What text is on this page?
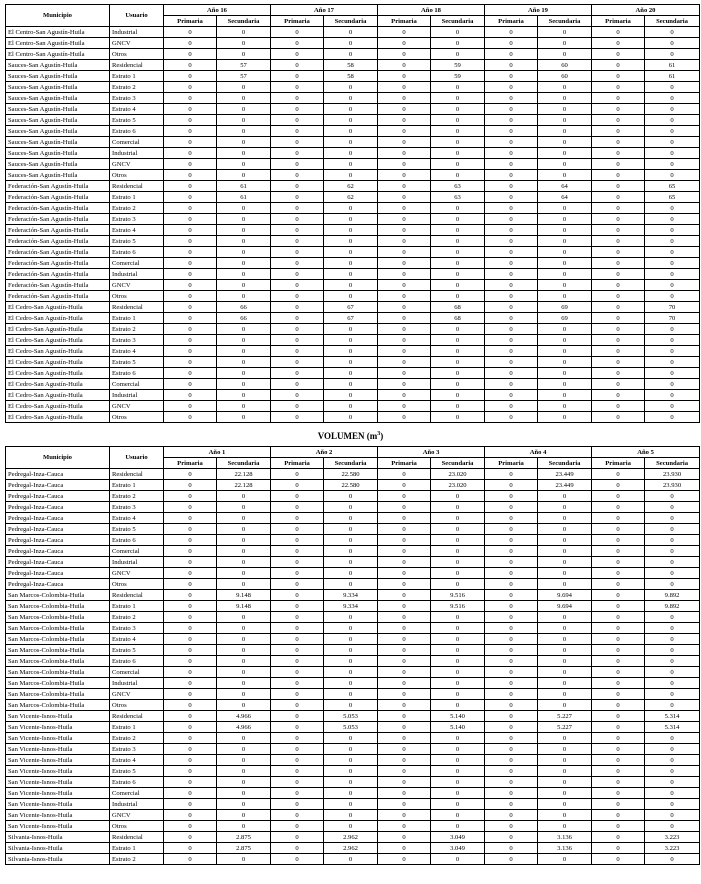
Municipio	Usuario	Año 16		Año 17		Año 18		Año 19		Año 20	
		Primaria	Secundaria	Primaria	Secundaria	Primaria	Secundaria	Primaria	Secundaria	Primaria	Secundaria
El Centro-San Agustín-Huila	Industrial	0	0	0	0	0	0	0	0	0	0
El Centro-San Agustín-Huila	GNCV	0	0	0	0	0	0	0	0	0	0
El Centro-San Agustín-Huila	Otros	0	0	0	0	0	0	0	0	0	0
Sauces-San Agustín-Huila	Residencial	0	57	0	58	0	59	0	60	0	61
Sauces-San Agustín-Huila	Estrato 1	0	57	0	58	0	59	0	60	0	61
Sauces-San Agustín-Huila	Estrato 2	0	0	0	0	0	0	0	0	0	0
Sauces-San Agustín-Huila	Estrato 3	0	0	0	0	0	0	0	0	0	0
Sauces-San Agustín-Huila	Estrato 4	0	0	0	0	0	0	0	0	0	0
Sauces-San Agustín-Huila	Estrato 5	0	0	0	0	0	0	0	0	0	0
Sauces-San Agustín-Huila	Estrato 6	0	0	0	0	0	0	0	0	0	0
Sauces-San Agustín-Huila	Comercial	0	0	0	0	0	0	0	0	0	0
Sauces-San Agustín-Huila	Industrial	0	0	0	0	0	0	0	0	0	0
Sauces-San Agustín-Huila	GNCV	0	0	0	0	0	0	0	0	0	0
Sauces-San Agustín-Huila	Otros	0	0	0	0	0	0	0	0	0	0
Federación-San Agustín-Huila	Residencial	0	61	0	62	0	63	0	64	0	65
Federación-San Agustín-Huila	Estrato 1	0	61	0	62	0	63	0	64	0	65
Federación-San Agustín-Huila	Estrato 2	0	0	0	0	0	0	0	0	0	0
Federación-San Agustín-Huila	Estrato 3	0	0	0	0	0	0	0	0	0	0
Federación-San Agustín-Huila	Estrato 4	0	0	0	0	0	0	0	0	0	0
Federación-San Agustín-Huila	Estrato 5	0	0	0	0	0	0	0	0	0	0
Federación-San Agustín-Huila	Estrato 6	0	0	0	0	0	0	0	0	0	0
Federación-San Agustín-Huila	Comercial	0	0	0	0	0	0	0	0	0	0
Federación-San Agustín-Huila	Industrial	0	0	0	0	0	0	0	0	0	0
Federación-San Agustín-Huila	GNCV	0	0	0	0	0	0	0	0	0	0
Federación-San Agustín-Huila	Otros	0	0	0	0	0	0	0	0	0	0
El Cedro-San Agustín-Huila	Residencial	0	66	0	67	0	68	0	69	0	70
El Cedro-San Agustín-Huila	Estrato 1	0	66	0	67	0	68	0	69	0	70
El Cedro-San Agustín-Huila	Estrato 2	0	0	0	0	0	0	0	0	0	0
El Cedro-San Agustín-Huila	Estrato 3	0	0	0	0	0	0	0	0	0	0
El Cedro-San Agustín-Huila	Estrato 4	0	0	0	0	0	0	0	0	0	0
El Cedro-San Agustín-Huila	Estrato 5	0	0	0	0	0	0	0	0	0	0
El Cedro-San Agustín-Huila	Estrato 6	0	0	0	0	0	0	0	0	0	0
El Cedro-San Agustín-Huila	Comercial	0	0	0	0	0	0	0	0	0	0
El Cedro-San Agustín-Huila	Industrial	0	0	0	0	0	0	0	0	0	0
El Cedro-San Agustín-Huila	GNCV	0	0	0	0	0	0	0	0	0	0
El Cedro-San Agustín-Huila	Otros	0	0	0	0	0	0	0	0	0	0
VOLUMEN $(m^3)$
Municipio	Usuario	Año 1		Año 2		Año 3		Año 4		Año 5	
		Primaria	Secundaria	Primaria	Secundaria	Primaria	Secundaria	Primaria	Secundaria	Primaria	Secundaria
Pedregal-Inza-Cauca	Residencial	0	22.128	0	22.580	0	23.020	0	23.449	0	23.930
Pedregal-Inza-Cauca	Estrato 1	0	22.128	0	22.580	0	23.020	0	23.449	0	23.930
Pedregal-Inza-Cauca	Estrato 2	0	0	0	0	0	0	0	0	0	0
Pedregal-Inza-Cauca	Estrato 3	0	0	0	0	0	0	0	0	0	0
Pedregal-Inza-Cauca	Estrato 4	0	0	0	0	0	0	0	0	0	0
Pedregal-Inza-Cauca	Estrato 5	0	0	0	0	0	0	0	0	0	0
Pedregal-Inza-Cauca	Estrato 6	0	0	0	0	0	0	0	0	0	0
Pedregal-Inza-Cauca	Comercial	0	0	0	0	0	0	0	0	0	0
Pedregal-Inza-Cauca	Industrial	0	0	0	0	0	0	0	0	0	0
Pedregal-Inza-Cauca	GNCV	0	0	0	0	0	0	0	0	0	0
Pedregal-Inza-Cauca	Otros	0	0	0	0	0	0	0	0	0	0
San Marcos-Colombia-Huila	Residencial	0	9.148	0	9.334	0	9.516	0	9.694	0	9.892
San Marcos-Colombia-Huila	Estrato 1	0	9.148	0	9.334	0	9.516	0	9.694	0	9.892
San Marcos-Colombia-Huila	Estrato 2	0	0	0	0	0	0	0	0	0	0
San Marcos-Colombia-Huila	Estrato 3	0	0	0	0	0	0	0	0	0	0
San Marcos-Colombia-Huila	Estrato 4	0	0	0	0	0	0	0	0	0	0
San Marcos-Colombia-Huila	Estrato 5	0	0	0	0	0	0	0	0	0	0
San Marcos-Colombia-Huila	Estrato 6	0	0	0	0	0	0	0	0	0	0
San Marcos-Colombia-Huila	Comercial	0	0	0	0	0	0	0	0	0	0
San Marcos-Colombia-Huila	Industrial	0	0	0	0	0	0	0	0	0	0
San Marcos-Colombia-Huila	GNCV	0	0	0	0	0	0	0	0	0	0
San Marcos-Colombia-Huila	Otros	0	0	0	0	0	0	0	0	0	0
San Vicente-Isnos-Huila	Residencial	0	4.966	0	5.053	0	5.140	0	5.227	0	5.314
San Vicente-Isnos-Huila	Estrato 1	0	4.966	0	5.053	0	5.140	0	5.227	0	5.314
San Vicente-Isnos-Huila	Estrato 2	0	0	0	0	0	0	0	0	0	0
San Vicente-Isnos-Huila	Estrato 3	0	0	0	0	0	0	0	0	0	0
San Vicente-Isnos-Huila	Estrato 4	0	0	0	0	0	0	0	0	0	0
San Vicente-Isnos-Huila	Estrato 5	0	0	0	0	0	0	0	0	0	0
San Vicente-Isnos-Huila	Estrato 6	0	0	0	0	0	0	0	0	0	0
San Vicente-Isnos-Huila	Comercial	0	0	0	0	0	0	0	0	0	0
San Vicente-Isnos-Huila	Industrial	0	0	0	0	0	0	0	0	0	0
San Vicente-Isnos-Huila	GNCV	0	0	0	0	0	0	0	0	0	0
San Vicente-Isnos-Huila	Otros	0	0	0	0	0	0	0	0	0	0
Silvania-Isnos-Huila	Residencial	0	2.875	0	2.962	0	3.049	0	3.136	0	3.223
Silvania-Isnos-Huila	Estrato 1	0	2.875	0	2.962	0	3.049	0	3.136	0	3.223
Silvania-Isnos-Huila	Estrato 2	0	0	0	0	0	0	0	0	0	0
